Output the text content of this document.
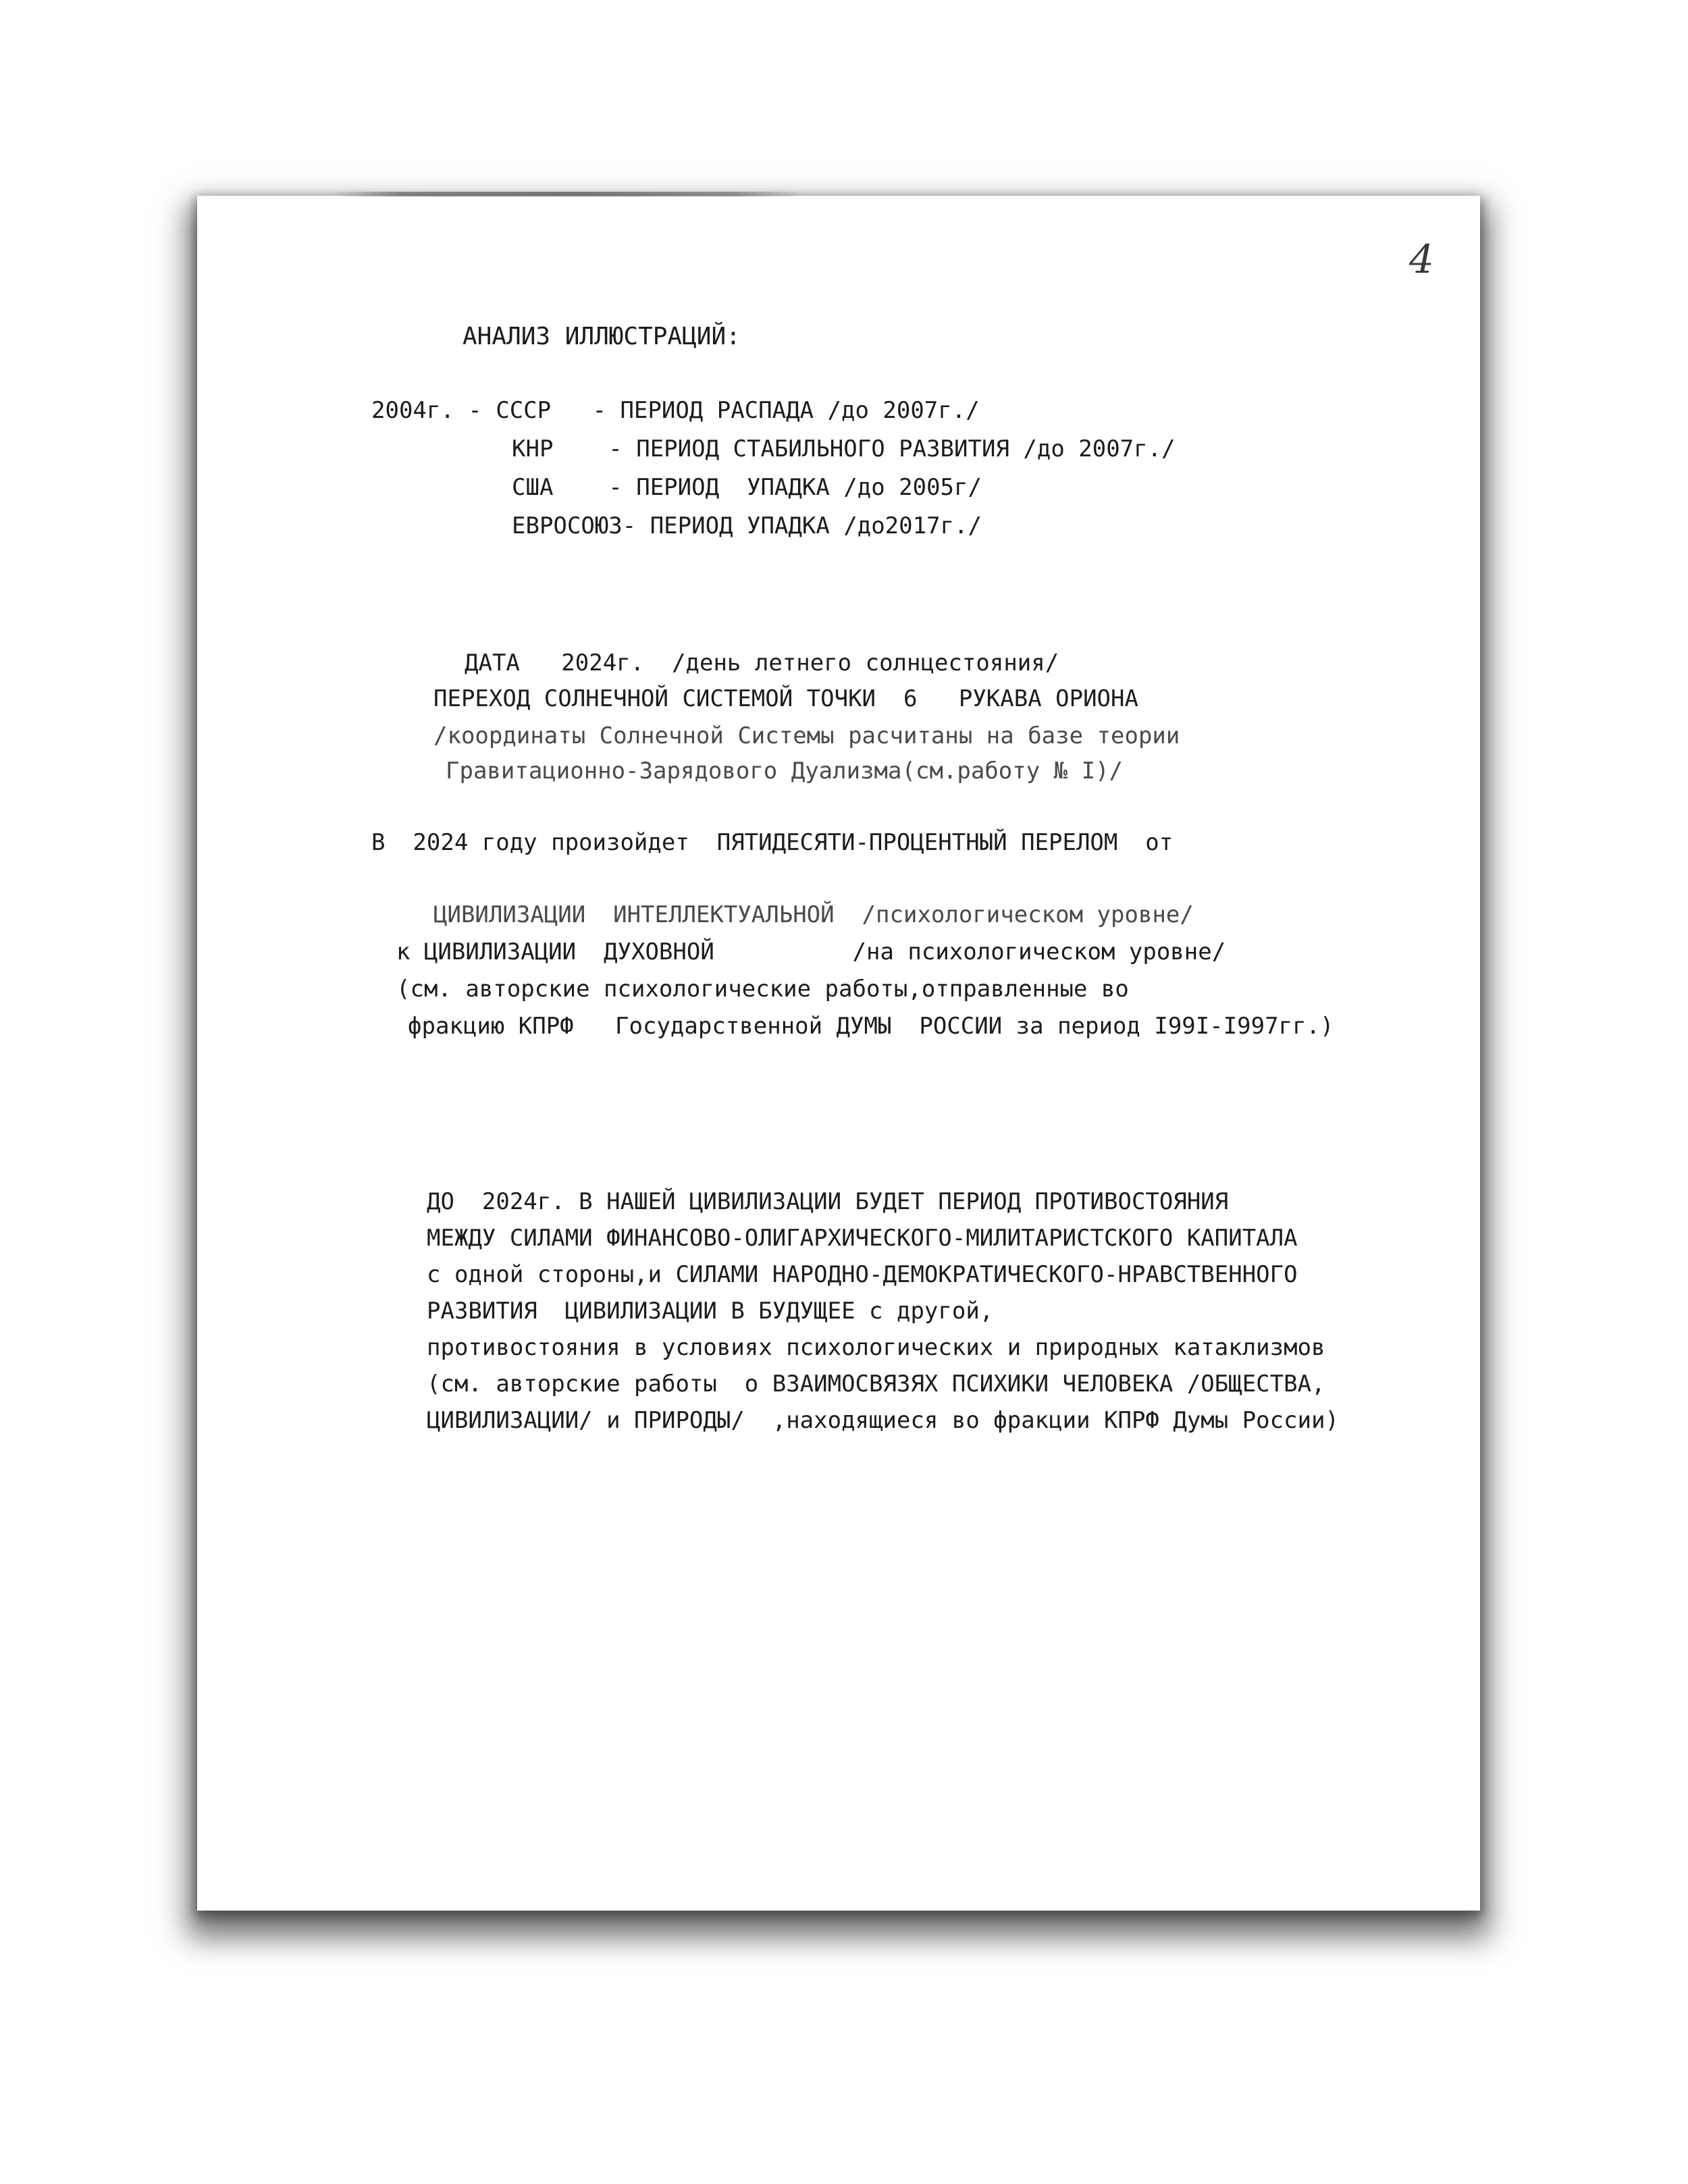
4
АНАЛИЗ ИЛЛЮСТРАЦИЙ:
2004г. - СССР   - ПЕРИОД РАСПАДА /до 2007г./
КНР    - ПЕРИОД СТАБИЛЬНОГО РАЗВИТИЯ /до 2007г./
США    - ПЕРИОД  УПАДКА /до 2005г/
ЕВРОСОЮЗ- ПЕРИОД УПАДКА /до2017г./
ДАТА   2024г.  /день летнего солнцестояния/
ПЕРЕХОД СОЛНЕЧНОЙ СИСТЕМОЙ ТОЧКИ  6   РУКАВА ОРИОНА
/координаты Солнечной Системы расчитаны на базе теории
Гравитационно-Зарядового Дуализма(см.работу № I)/
В  2024 году произойдет  ПЯТИДЕСЯТИ-ПРОЦЕНТНЫЙ ПЕРЕЛОМ  от
ЦИВИЛИЗАЦИИ  ИНТЕЛЛЕКТУАЛЬНОЙ  /психологическом уровне/
к ЦИВИЛИЗАЦИИ  ДУХОВНОЙ          /на психологическом уровне/
(см. авторские психологические работы,отправленные во
фракцию КПРФ   Государственной ДУМЫ  РОССИИ за период I99I-I997гг.)
ДО  2024г. В НАШЕЙ ЦИВИЛИЗАЦИИ БУДЕТ ПЕРИОД ПРОТИВОСТОЯНИЯ
МЕЖДУ СИЛАМИ ФИНАНСОВО-ОЛИГАРХИЧЕСКОГО-МИЛИТАРИСТСКОГО КАПИТАЛА
с одной стороны,и СИЛАМИ НАРОДНО-ДЕМОКРАТИЧЕСКОГО-НРАВСТВЕННОГО
РАЗВИТИЯ  ЦИВИЛИЗАЦИИ В БУДУЩЕЕ с другой,
противостояния в условиях психологических и природных катаклизмов
(см. авторские работы  о ВЗАИМОСВЯЗЯХ ПСИХИКИ ЧЕЛОВЕКА /ОБЩЕСТВА,
ЦИВИЛИЗАЦИИ/ и ПРИРОДЫ/  ,находящиеся во фракции КПРФ Думы России)
